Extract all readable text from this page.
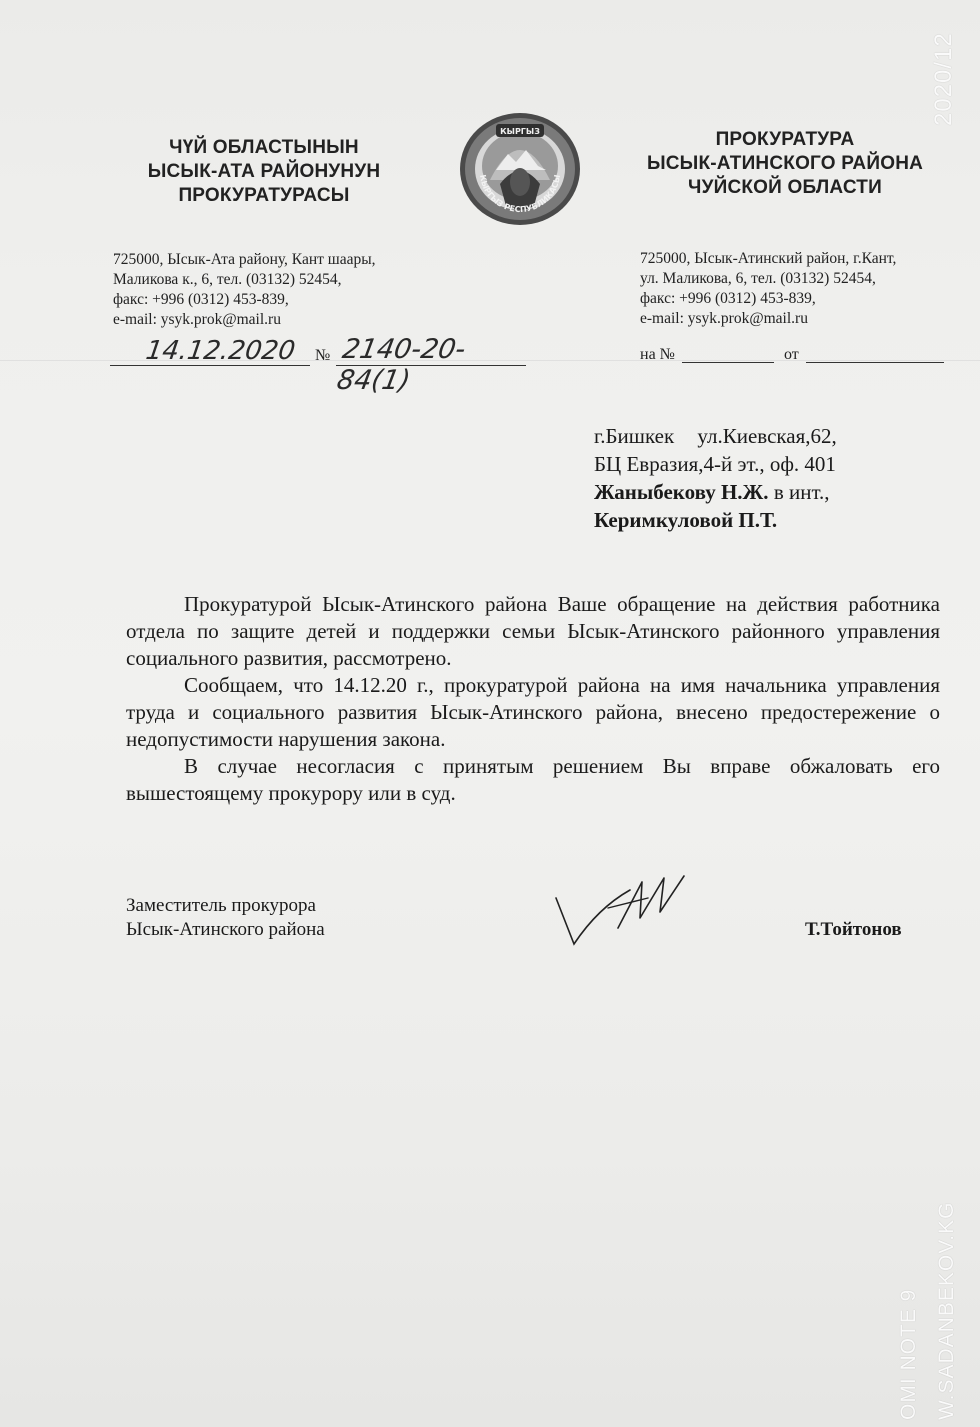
ЧҮЙ ОБЛАСТЫНЫН
ЫСЫК-АТА РАЙОНУНУН
ПРОКУРАТУРАСЫ
КЫРГЫЗ
КЫРГЫЗ РЕСПУБЛИКАСЫ
ПРОКУРАТУРА
ЫСЫК-АТИНСКОГО РАЙОНА
ЧУЙСКОЙ ОБЛАСТИ
725000, Ысык-Ата району, Кант шаары,
Маликова к., 6, тел. (03132) 52454,
факс: +996 (0312) 453-839,
e-mail: ysyk.prok@mail.ru
725000, Ысык-Атинский район, г.Кант,
ул. Маликова, 6, тел. (03132) 52454,
факс: +996 (0312) 453-839,
e-mail: ysyk.prok@mail.ru
14.12.2020 № 2140-20-84(1)
на №	от
г.Бишкек ул.Киевская,62,
БЦ Евразия,4-й эт., оф. 401
Жаныбекову Н.Ж. в инт.,
Керимкуловой П.Т.

Прокуратурой Ысык-Атинского района Ваше обращение на действия работника отдела по защите детей и поддержки семьи Ысык-Атинского районного управления социального развития, рассмотрено.

Сообщаем, что 14.12.20 г., прокуратурой района на имя начальника управления труда и социального развития Ысык-Атинского района, внесено предостережение о недопустимости нарушения закона.

В случае несогласия с принятым решением Вы вправе обжаловать его вышестоящему прокурору или в суд.

Заместитель прокурора
Ысык-Атинского района	Т.Тойтонов
2020/12
W.SADANBEKOV.KG
OMI NOTE 9
